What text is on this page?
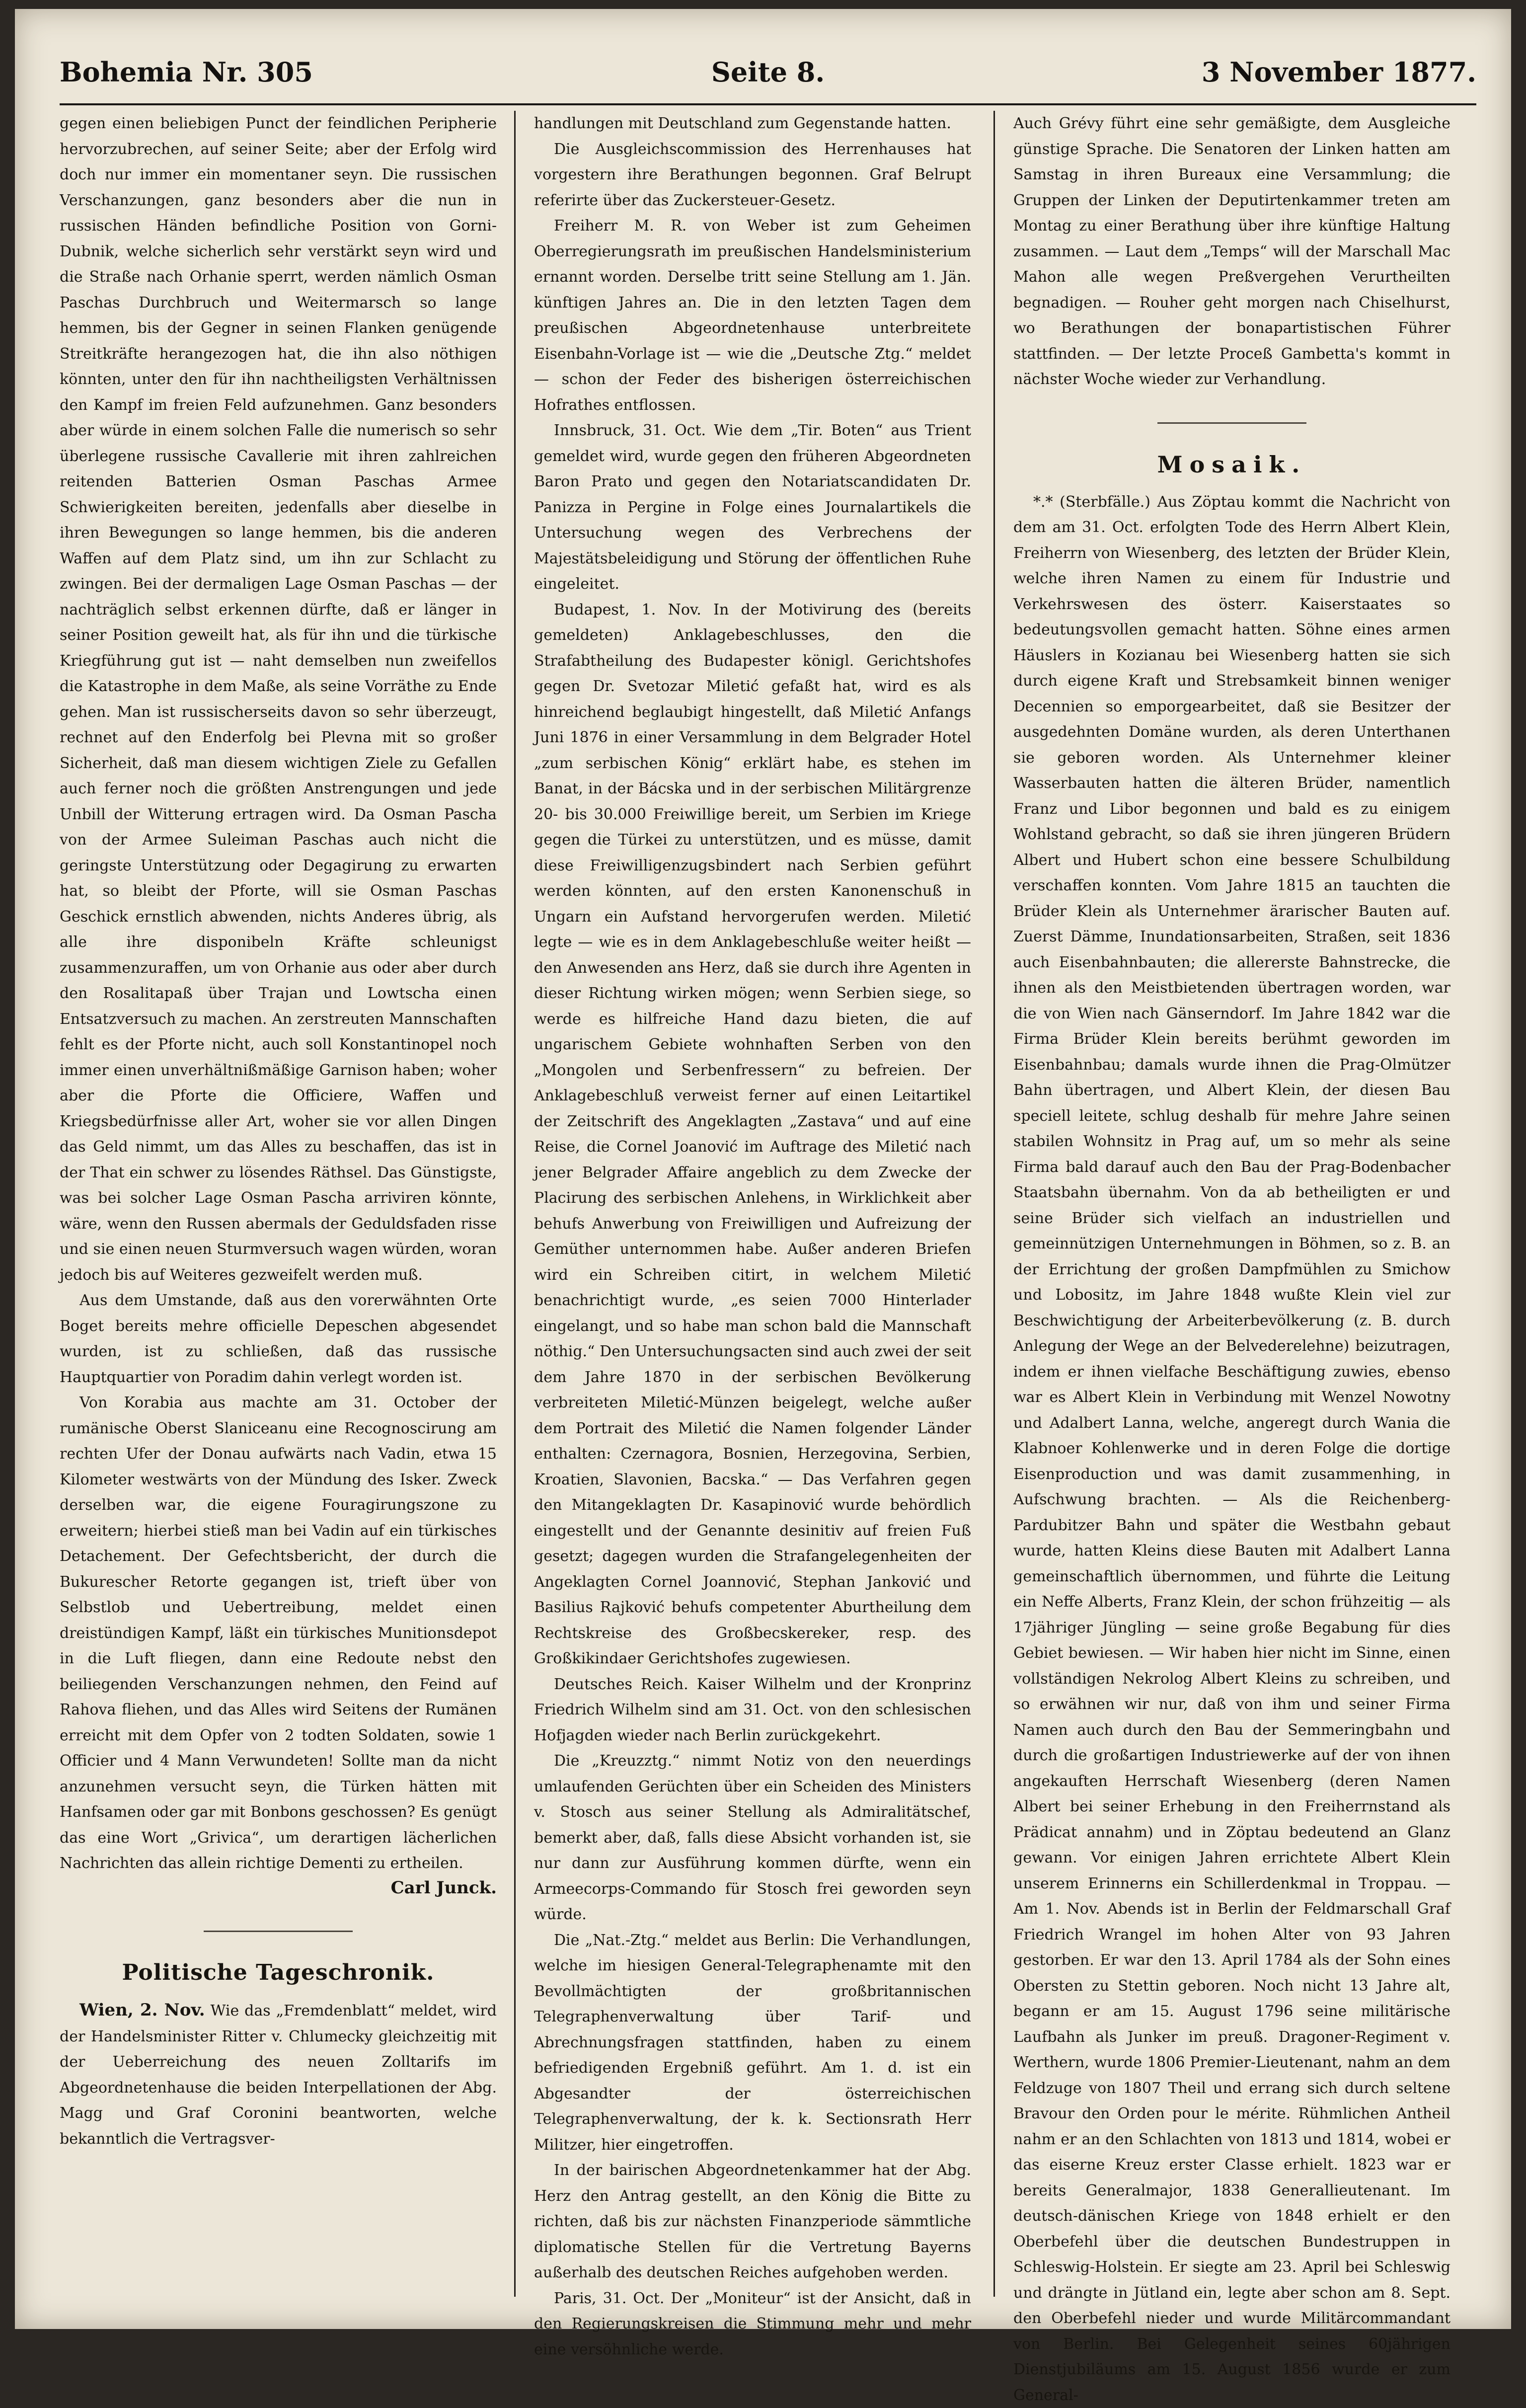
Bohemia Nr. 305	Seite 8.	3 November 1877.

gegen einen beliebigen Punct der feindlichen Peripherie hervorzubrechen, auf seiner Seite; aber der Erfolg wird doch nur immer ein momentaner seyn. Die russischen Verschanzungen, ganz besonders aber die nun in russischen Händen befindliche Position von Gorni-Dubnik, welche sicherlich sehr verstärkt seyn wird und die Straße nach Orhanie sperrt, werden nämlich Osman Paschas Durchbruch und Weitermarsch so lange hemmen, bis der Gegner in seinen Flanken genügende Streitkräfte herangezogen hat, die ihn also nöthigen könnten, unter den für ihn nachtheiligsten Verhältnissen den Kampf im freien Feld aufzunehmen. Ganz besonders aber würde in einem solchen Falle die numerisch so sehr überlegene russische Cavallerie mit ihren zahlreichen reitenden Batterien Osman Paschas Armee Schwierigkeiten bereiten, jedenfalls aber dieselbe in ihren Bewegungen so lange hemmen, bis die anderen Waffen auf dem Platz sind, um ihn zur Schlacht zu zwingen. Bei der dermaligen Lage Osman Paschas — der nachträglich selbst erkennen dürfte, daß er länger in seiner Position geweilt hat, als für ihn und die türkische Kriegführung gut ist — naht demselben nun zweifellos die Katastrophe in dem Maße, als seine Vorräthe zu Ende gehen. Man ist russischerseits davon so sehr überzeugt, rechnet auf den Enderfolg bei Plevna mit so großer Sicherheit, daß man diesem wichtigen Ziele zu Gefallen auch ferner noch die größten Anstrengungen und jede Unbill der Witterung ertragen wird. Da Osman Pascha von der Armee Suleiman Paschas auch nicht die geringste Unterstützung oder Degagirung zu erwarten hat, so bleibt der Pforte, will sie Osman Paschas Geschick ernstlich abwenden, nichts Anderes übrig, als alle ihre disponibeln Kräfte schleunigst zusammenzuraffen, um von Orhanie aus oder aber durch den Rosalitapaß über Trajan und Lowtscha einen Entsatzversuch zu machen. An zerstreuten Mannschaften fehlt es der Pforte nicht, auch soll Konstantinopel noch immer einen unverhältnißmäßige Garnison haben; woher aber die Pforte die Officiere, Waffen und Kriegsbedürfnisse aller Art, woher sie vor allen Dingen das Geld nimmt, um das Alles zu beschaffen, das ist in der That ein schwer zu lösendes Räthsel. Das Günstigste, was bei solcher Lage Osman Pascha arriviren könnte, wäre, wenn den Russen abermals der Geduldsfaden risse und sie einen neuen Sturmversuch wagen würden, woran jedoch bis auf Weiteres gezweifelt werden muß.

Aus dem Umstande, daß aus den vorerwähnten Orte Boget bereits mehre officielle Depeschen abgesendet wurden, ist zu schließen, daß das russische Hauptquartier von Poradim dahin verlegt worden ist.

Von Korabia aus machte am 31. October der rumänische Oberst Slaniceanu eine Recognoscirung am rechten Ufer der Donau aufwärts nach Vadin, etwa 15 Kilometer westwärts von der Mündung des Isker. Zweck derselben war, die eigene Fouragirungszone zu erweitern; hierbei stieß man bei Vadin auf ein türkisches Detachement. Der Gefechtsbericht, der durch die Bukurescher Retorte gegangen ist, trieft über von Selbstlob und Uebertreibung, meldet einen dreistündigen Kampf, läßt ein türkisches Munitionsdepot in die Luft fliegen, dann eine Redoute nebst den beiliegenden Verschanzungen nehmen, den Feind auf Rahova fliehen, und das Alles wird Seitens der Rumänen erreicht mit dem Opfer von 2 todten Soldaten, sowie 1 Officier und 4 Mann Verwundeten! Sollte man da nicht anzunehmen versucht seyn, die Türken hätten mit Hanfsamen oder gar mit Bonbons geschossen? Es genügt das eine Wort „Grivica“, um derartigen lächerlichen Nachrichten das allein richtige Dementi zu ertheilen.

Carl Junck.
Politische Tageschronik.

Wien, 2. Nov. Wie das „Fremdenblatt“ meldet, wird der Handelsminister Ritter v. Chlumecky gleichzeitig mit der Ueberreichung des neuen Zolltarifs im Abgeordnetenhause die beiden Interpellationen der Abg. Magg und Graf Coronini beantworten, welche bekanntlich die Vertragsver-

handlungen mit Deutschland zum Gegenstande hatten.

Die Ausgleichscommission des Herrenhauses hat vorgestern ihre Berathungen begonnen. Graf Belrupt referirte über das Zuckersteuer-Gesetz.

Freiherr M. R. von Weber ist zum Geheimen Oberregierungsrath im preußischen Handelsministerium ernannt worden. Derselbe tritt seine Stellung am 1. Jän. künftigen Jahres an. Die in den letzten Tagen dem preußischen Abgeordnetenhause unterbreitete Eisenbahn-Vorlage ist — wie die „Deutsche Ztg.“ meldet — schon der Feder des bisherigen österreichischen Hofrathes entflossen.

Innsbruck, 31. Oct. Wie dem „Tir. Boten“ aus Trient gemeldet wird, wurde gegen den früheren Abgeordneten Baron Prato und gegen den Notariatscandidaten Dr. Panizza in Pergine in Folge eines Journalartikels die Untersuchung wegen des Verbrechens der Majestätsbeleidigung und Störung der öffentlichen Ruhe eingeleitet.

Budapest, 1. Nov. In der Motivirung des (bereits gemeldeten) Anklagebeschlusses, den die Strafabtheilung des Budapester königl. Gerichtshofes gegen Dr. Svetozar Miletić gefaßt hat, wird es als hinreichend beglaubigt hingestellt, daß Miletić Anfangs Juni 1876 in einer Versammlung in dem Belgrader Hotel „zum serbischen König“ erklärt habe, es stehen im Banat, in der Bácska und in der serbischen Militärgrenze 20- bis 30.000 Freiwillige bereit, um Serbien im Kriege gegen die Türkei zu unterstützen, und es müsse, damit diese Freiwilligenzugsbindert nach Serbien geführt werden könnten, auf den ersten Kanonenschuß in Ungarn ein Aufstand hervorgerufen werden. Miletić legte — wie es in dem Anklagebeschluße weiter heißt — den Anwesenden ans Herz, daß sie durch ihre Agenten in dieser Richtung wirken mögen; wenn Serbien siege, so werde es hilfreiche Hand dazu bieten, die auf ungarischem Gebiete wohnhaften Serben von den „Mongolen und Serbenfressern“ zu befreien. Der Anklagebeschluß verweist ferner auf einen Leitartikel der Zeitschrift des Angeklagten „Zastava“ und auf eine Reise, die Cornel Joanović im Auftrage des Miletić nach jener Belgrader Affaire angeblich zu dem Zwecke der Placirung des serbischen Anlehens, in Wirklichkeit aber behufs Anwerbung von Freiwilligen und Aufreizung der Gemüther unternommen habe. Außer anderen Briefen wird ein Schreiben citirt, in welchem Miletić benachrichtigt wurde, „es seien 7000 Hinterlader eingelangt, und so habe man schon bald die Mannschaft nöthig.“ Den Untersuchungsacten sind auch zwei der seit dem Jahre 1870 in der serbischen Bevölkerung verbreiteten Miletić-Münzen beigelegt, welche außer dem Portrait des Miletić die Namen folgender Länder enthalten: Czernagora, Bosnien, Herzegovina, Serbien, Kroatien, Slavonien, Bacska.“ — Das Verfahren gegen den Mitangeklagten Dr. Kasapinović wurde behördlich eingestellt und der Genannte desinitiv auf freien Fuß gesetzt; dagegen wurden die Strafangelegenheiten der Angeklagten Cornel Joannović, Stephan Janković und Basilius Rajković behufs competenter Aburtheilung dem Rechtskreise des Großbecskereker, resp. des Großkikindaer Gerichtshofes zugewiesen.

Deutsches Reich. Kaiser Wilhelm und der Kronprinz Friedrich Wilhelm sind am 31. Oct. von den schlesischen Hofjagden wieder nach Berlin zurückgekehrt.

Die „Kreuzztg.“ nimmt Notiz von den neuerdings umlaufenden Gerüchten über ein Scheiden des Ministers v. Stosch aus seiner Stellung als Admiralitätschef, bemerkt aber, daß, falls diese Absicht vorhanden ist, sie nur dann zur Ausführung kommen dürfte, wenn ein Armeecorps-Commando für Stosch frei geworden seyn würde.

Die „Nat.-Ztg.“ meldet aus Berlin: Die Verhandlungen, welche im hiesigen General-Telegraphenamte mit den Bevollmächtigten der großbritannischen Telegraphenverwaltung über Tarif- und Abrechnungsfragen stattfinden, haben zu einem befriedigenden Ergebniß geführt. Am 1. d. ist ein Abgesandter der österreichischen Telegraphenverwaltung, der k. k. Sectionsrath Herr Militzer, hier eingetroffen.

In der bairischen Abgeordnetenkammer hat der Abg. Herz den Antrag gestellt, an den König die Bitte zu richten, daß bis zur nächsten Finanzperiode sämmtliche diplomatische Stellen für die Vertretung Bayerns außerhalb des deutschen Reiches aufgehoben werden.

Paris, 31. Oct. Der „Moniteur“ ist der Ansicht, daß in den Regierungskreisen die Stimmung mehr und mehr eine versöhnliche werde.

Auch Grévy führt eine sehr gemäßigte, dem Ausgleiche günstige Sprache. Die Senatoren der Linken hatten am Samstag in ihren Bureaux eine Versammlung; die Gruppen der Linken der Deputirtenkammer treten am Montag zu einer Berathung über ihre künftige Haltung zusammen. — Laut dem „Temps“ will der Marschall Mac Mahon alle wegen Preßvergehen Verurtheilten begnadigen. — Rouher geht morgen nach Chiselhurst, wo Berathungen der bonapartistischen Führer stattfinden. — Der letzte Proceß Gambetta's kommt in nächster Woche wieder zur Verhandlung.

Mosaik.

*.* (Sterbfälle.) Aus Zöptau kommt die Nachricht von dem am 31. Oct. erfolgten Tode des Herrn Albert Klein, Freiherrn von Wiesenberg, des letzten der Brüder Klein, welche ihren Namen zu einem für Industrie und Verkehrswesen des österr. Kaiserstaates so bedeutungsvollen gemacht hatten. Söhne eines armen Häuslers in Kozianau bei Wiesenberg hatten sie sich durch eigene Kraft und Strebsamkeit binnen weniger Decennien so emporgearbeitet, daß sie Besitzer der ausgedehnten Domäne wurden, als deren Unterthanen sie geboren worden. Als Unternehmer kleiner Wasserbauten hatten die älteren Brüder, namentlich Franz und Libor begonnen und bald es zu einigem Wohlstand gebracht, so daß sie ihren jüngeren Brüdern Albert und Hubert schon eine bessere Schulbildung verschaffen konnten. Vom Jahre 1815 an tauchten die Brüder Klein als Unternehmer ärarischer Bauten auf. Zuerst Dämme, Inundationsarbeiten, Straßen, seit 1836 auch Eisenbahnbauten; die allererste Bahnstrecke, die ihnen als den Meistbietenden übertragen worden, war die von Wien nach Gänserndorf. Im Jahre 1842 war die Firma Brüder Klein bereits berühmt geworden im Eisenbahnbau; damals wurde ihnen die Prag-Olmützer Bahn übertragen, und Albert Klein, der diesen Bau speciell leitete, schlug deshalb für mehre Jahre seinen stabilen Wohnsitz in Prag auf, um so mehr als seine Firma bald darauf auch den Bau der Prag-Bodenbacher Staatsbahn übernahm. Von da ab betheiligten er und seine Brüder sich vielfach an industriellen und gemeinnützigen Unternehmungen in Böhmen, so z. B. an der Errichtung der großen Dampfmühlen zu Smichow und Lobositz, im Jahre 1848 wußte Klein viel zur Beschwichtigung der Arbeiterbevölkerung (z. B. durch Anlegung der Wege an der Belvederelehne) beizutragen, indem er ihnen vielfache Beschäftigung zuwies, ebenso war es Albert Klein in Verbindung mit Wenzel Nowotny und Adalbert Lanna, welche, angeregt durch Wania die Klabnoer Kohlenwerke und in deren Folge die dortige Eisenproduction und was damit zusammenhing, in Aufschwung brachten. — Als die Reichenberg-Pardubitzer Bahn und später die Westbahn gebaut wurde, hatten Kleins diese Bauten mit Adalbert Lanna gemeinschaftlich übernommen, und führte die Leitung ein Neffe Alberts, Franz Klein, der schon frühzeitig — als 17jähriger Jüngling — seine große Begabung für dies Gebiet bewiesen. — Wir haben hier nicht im Sinne, einen vollständigen Nekrolog Albert Kleins zu schreiben, und so erwähnen wir nur, daß von ihm und seiner Firma Namen auch durch den Bau der Semmeringbahn und durch die großartigen Industriewerke auf der von ihnen angekauften Herrschaft Wiesenberg (deren Namen Albert bei seiner Erhebung in den Freiherrnstand als Prädicat annahm) und in Zöptau bedeutend an Glanz gewann. Vor einigen Jahren errichtete Albert Klein unserem Erinnerns ein Schillerdenkmal in Troppau. — Am 1. Nov. Abends ist in Berlin der Feldmarschall Graf Friedrich Wrangel im hohen Alter von 93 Jahren gestorben. Er war den 13. April 1784 als der Sohn eines Obersten zu Stettin geboren. Noch nicht 13 Jahre alt, begann er am 15. August 1796 seine militärische Laufbahn als Junker im preuß. Dragoner-Regiment v. Werthern, wurde 1806 Premier-Lieutenant, nahm an dem Feldzuge von 1807 Theil und errang sich durch seltene Bravour den Orden pour le mérite. Rühmlichen Antheil nahm er an den Schlachten von 1813 und 1814, wobei er das eiserne Kreuz erster Classe erhielt. 1823 war er bereits Generalmajor, 1838 Generallieutenant. Im deutsch-dänischen Kriege von 1848 erhielt er den Oberbefehl über die deutschen Bundestruppen in Schleswig-Holstein. Er siegte am 23. April bei Schleswig und drängte in Jütland ein, legte aber schon am 8. Sept. den Oberbefehl nieder und wurde Militärcommandant von Berlin. Bei Gelegenheit seines 60jährigen Dienstjubiläums am 15. August 1856 wurde er zum General-
